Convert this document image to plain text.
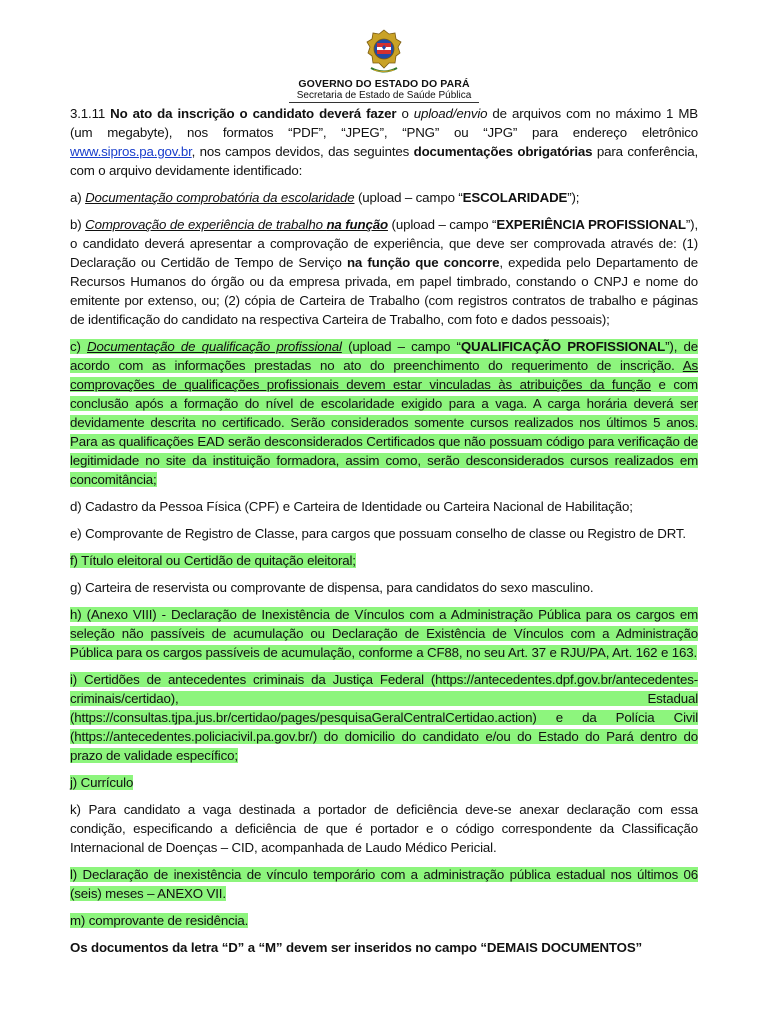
GOVERNO DO ESTADO DO PARÁ
Secretaria de Estado de Saúde Pública

3.1.11 No ato da inscrição o candidato deverá fazer o upload/envio de arquivos com no máximo 1 MB (um megabyte), nos formatos “PDF”, “JPEG”, “PNG” ou “JPG” para endereço eletrônico www.sipros.pa.gov.br, nos campos devidos, das seguintes documentações obrigatórias para conferência, com o arquivo devidamente identificado:

a) Documentação comprobatória da escolaridade (upload – campo “ESCOLARIDADE”);

b) Comprovação de experiência de trabalho na função (upload – campo “EXPERIÊNCIA PROFISSIONAL”), o candidato deverá apresentar a comprovação de experiência, que deve ser comprovada através de: (1) Declaração ou Certidão de Tempo de Serviço na função que concorre, expedida pelo Departamento de Recursos Humanos do órgão ou da empresa privada, em papel timbrado, constando o CNPJ e nome do emitente por extenso, ou; (2) cópia de Carteira de Trabalho (com registros contratos de trabalho e páginas de identificação do candidato na respectiva Carteira de Trabalho, com foto e dados pessoais);

c) Documentação de qualificação profissional (upload – campo “QUALIFICAÇÃO PROFISSIONAL”), de acordo com as informações prestadas no ato do preenchimento do requerimento de inscrição. As comprovações de qualificações profissionais devem estar vinculadas às atribuições da função e com conclusão após a formação do nível de escolaridade exigido para a vaga. A carga horária deverá ser devidamente descrita no certificado. Serão considerados somente cursos realizados nos últimos 5 anos. Para as qualificações EAD serão desconsiderados Certificados que não possuam código para verificação de legitimidade no site da instituição formadora, assim como, serão desconsiderados cursos realizados em concomitância;

d) Cadastro da Pessoa Física (CPF) e Carteira de Identidade ou Carteira Nacional de Habilitação;

e) Comprovante de Registro de Classe, para cargos que possuam conselho de classe ou Registro de DRT.

f) Título eleitoral ou Certidão de quitação eleitoral;

g) Carteira de reservista ou comprovante de dispensa, para candidatos do sexo masculino.

h) (Anexo VIII) - Declaração de Inexistência de Vínculos com a Administração Pública para os cargos em seleção não passíveis de acumulação ou Declaração de Existência de Vínculos com a Administração Pública para os cargos passíveis de acumulação, conforme a CF88, no seu Art. 37 e RJU/PA, Art. 162 e 163.

i) Certidões de antecedentes criminais da Justiça Federal (https://antecedentes.dpf.gov.br/antecedentes-criminais/certidao), Estadual (https://consultas.tjpa.jus.br/certidao/pages/pesquisaGeralCentralCertidao.action) e da Polícia Civil (https://antecedentes.policiacivil.pa.gov.br/) do domicilio do candidato e/ou do Estado do Pará dentro do prazo de validade específico;

j) Currículo

k) Para candidato a vaga destinada a portador de deficiência deve-se anexar declaração com essa condição, especificando a deficiência de que é portador e o código correspondente da Classificação Internacional de Doenças – CID, acompanhada de Laudo Médico Pericial.

l) Declaração de inexistência de vínculo temporário com a administração pública estadual nos últimos 06 (seis) meses – ANEXO VII.

m) comprovante de residência.

Os documentos da letra “D” a “M” devem ser inseridos no campo “DEMAIS DOCUMENTOS”
